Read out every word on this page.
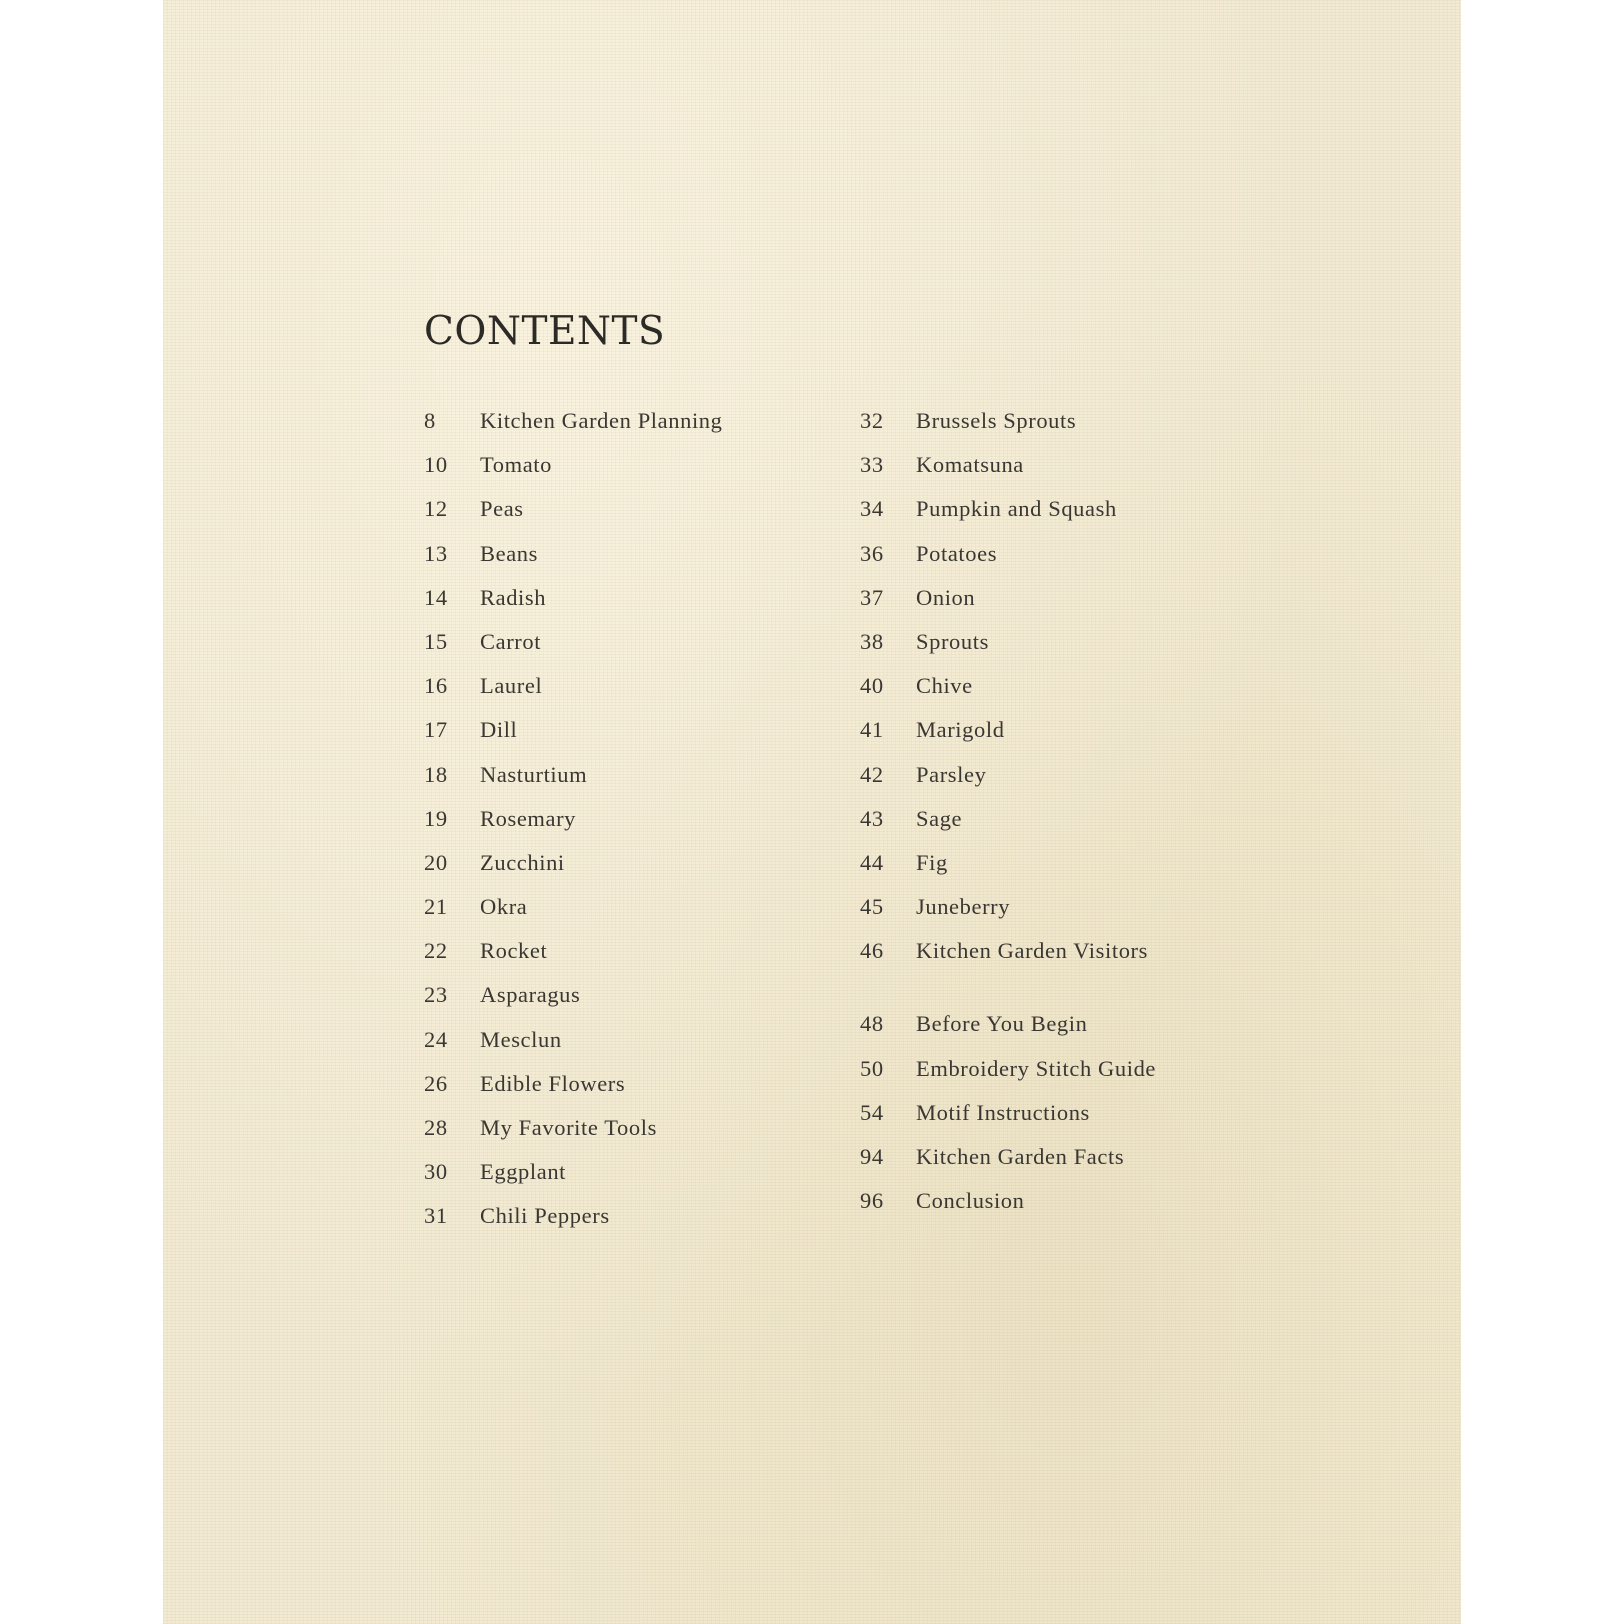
CONTENTS
8	Kitchen Garden Planning
10	Tomato
12	Peas
13	Beans
14	Radish
15	Carrot
16	Laurel
17	Dill
18	Nasturtium
19	Rosemary
20	Zucchini
21	Okra
22	Rocket
23	Asparagus
24	Mesclun
26	Edible Flowers
28	My Favorite Tools
30	Eggplant
31	Chili Peppers
32	Brussels Sprouts
33	Komatsuna
34	Pumpkin and Squash
36	Potatoes
37	Onion
38	Sprouts
40	Chive
41	Marigold
42	Parsley
43	Sage
44	Fig
45	Juneberry
46	Kitchen Garden Visitors
48	Before You Begin
50	Embroidery Stitch Guide
54	Motif Instructions
94	Kitchen Garden Facts
96	Conclusion
